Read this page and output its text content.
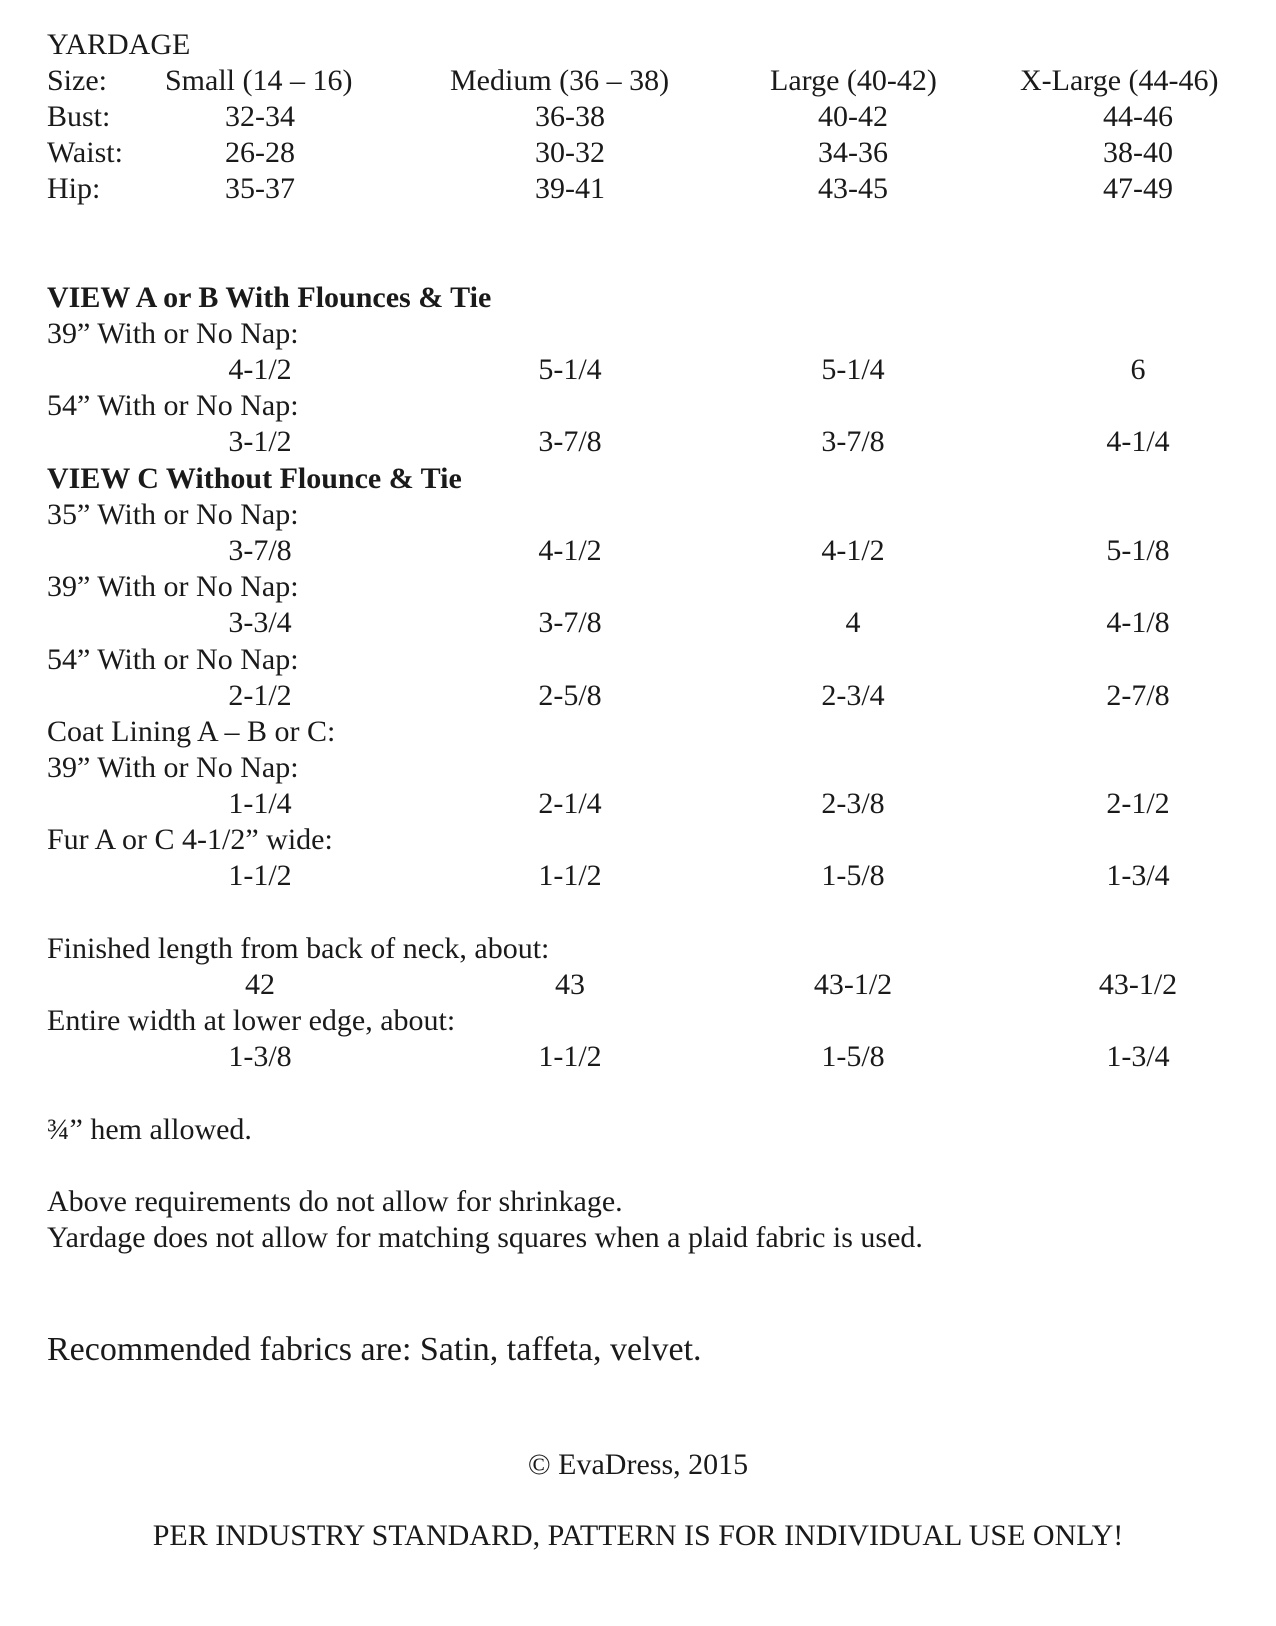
YARDAGE
Size: Small (14 – 16)	Medium (36 – 38)	Large (40-42)	X-Large (44-46)
Bust:	32-34	36-38	40-42	44-46
Waist:	26-28	30-32	34-36	38-40
Hip:	35-37	39-41	43-45	47-49
VIEW A or B With Flounces & Tie
39” With or No Nap:
4-1/2	5-1/4	5-1/4	6
54” With or No Nap:
3-1/2	3-7/8	3-7/8	4-1/4
VIEW C Without Flounce & Tie
35” With or No Nap:
3-7/8	4-1/2	4-1/2	5-1/8
39” With or No Nap:
3-3/4	3-7/8	4	4-1/8
54” With or No Nap:
2-1/2	2-5/8	2-3/4	2-7/8
Coat Lining A – B or C:
39” With or No Nap:
1-1/4	2-1/4	2-3/8	2-1/2
Fur A or C 4-1/2” wide:
1-1/2	1-1/2	1-5/8	1-3/4
Finished length from back of neck, about:
42	43	43-1/2	43-1/2
Entire width at lower edge, about:
1-3/8	1-1/2	1-5/8	1-3/4
¾” hem allowed.
Above requirements do not allow for shrinkage.
Yardage does not allow for matching squares when a plaid fabric is used.
Recommended fabrics are: Satin, taffeta, velvet.
© EvaDress, 2015
PER INDUSTRY STANDARD, PATTERN IS FOR INDIVIDUAL USE ONLY!
